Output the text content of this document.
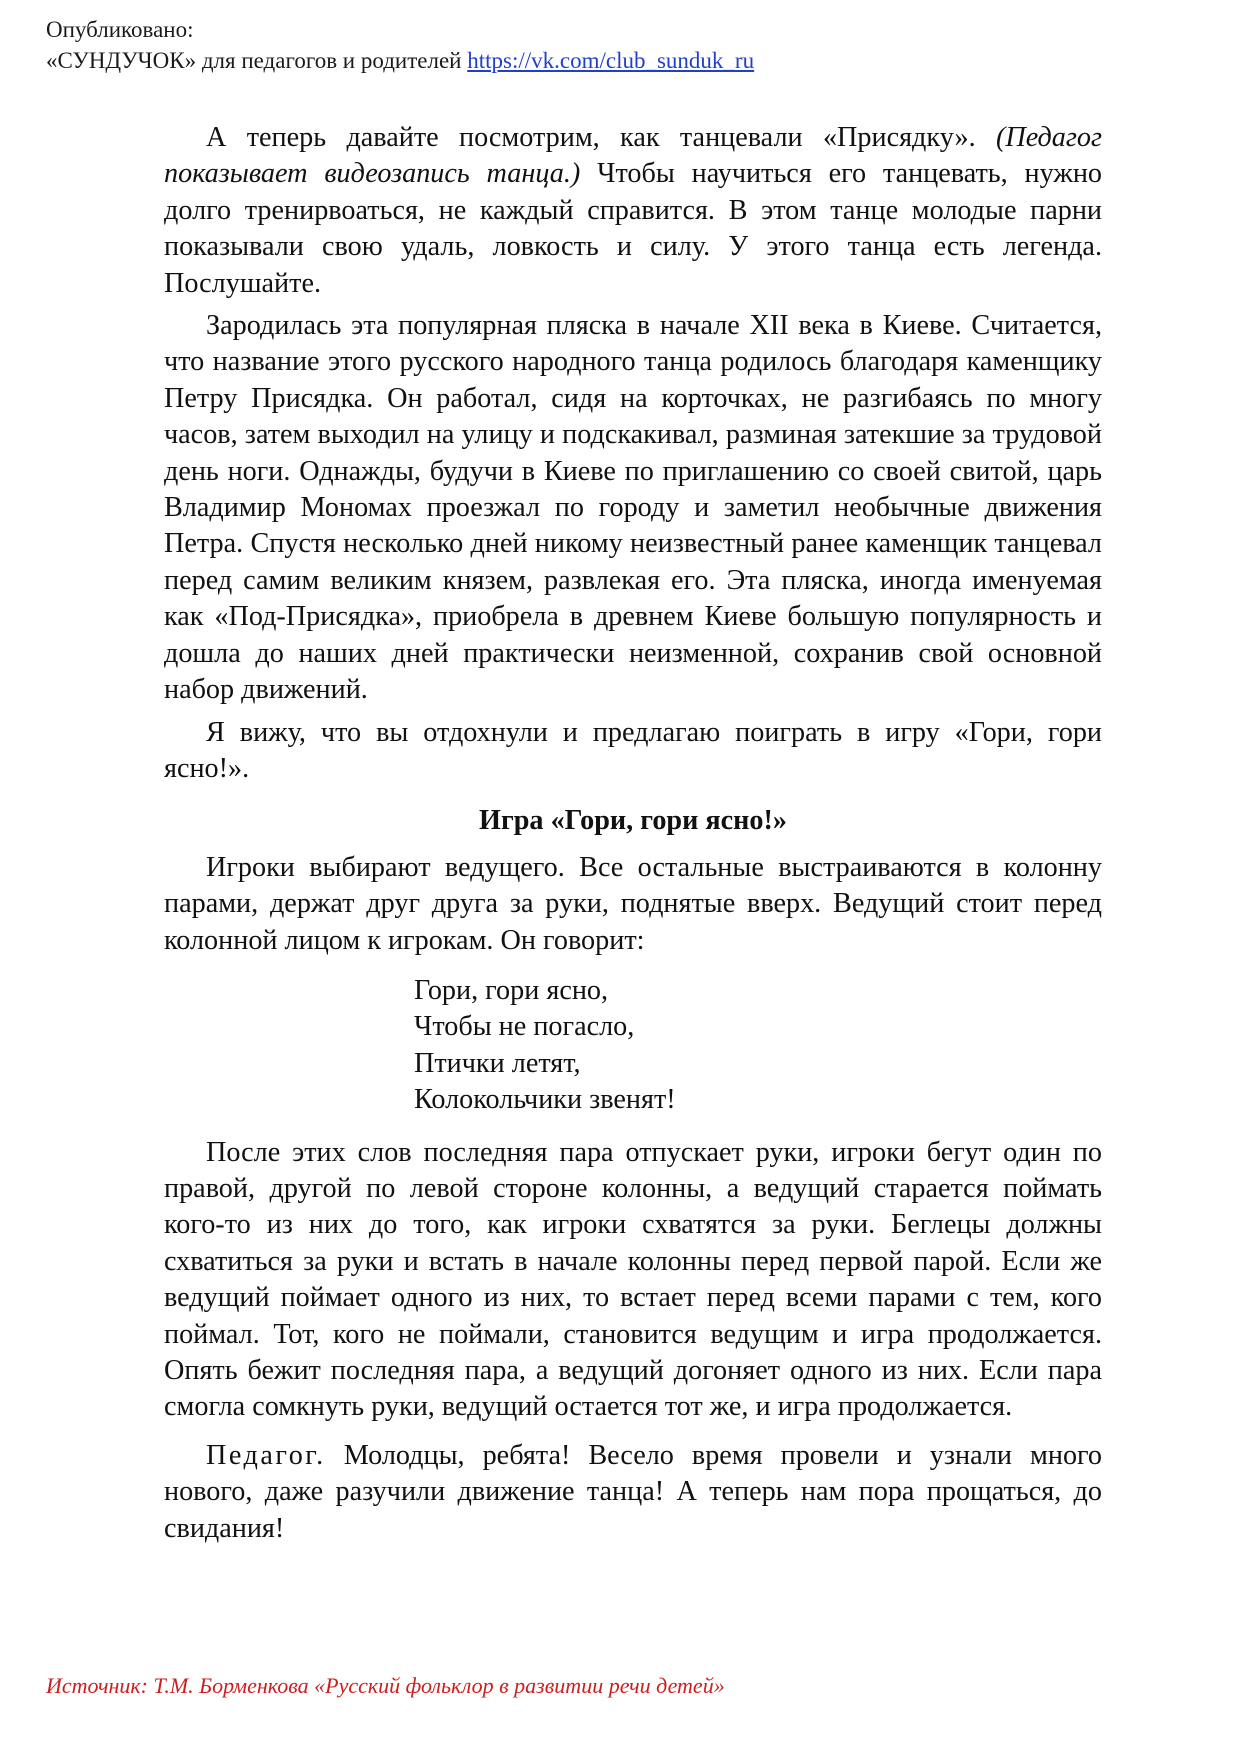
Опубликовано:
«СУНДУЧОК» для педагогов и родителей https://vk.com/club_sunduk_ru

А теперь давайте посмотрим, как танцевали «Присядку». (Педагог показывает видеозапись танца.) Чтобы научиться его танцевать, нужно долго тренирвоаться, не каждый справится. В этом танце молодые парни показывали свою удаль, ловкость и силу. У этого танца есть легенда. Послушайте.

Зародилась эта популярная пляска в начале XII века в Киеве. Считается, что название этого русского народного танца родилось благодаря каменщику Петру Присядка. Он работал, сидя на корточках, не разгибаясь по многу часов, затем выходил на улицу и подскакивал, разминая затекшие за трудовой день ноги. Однажды, будучи в Киеве по приглашению со своей свитой, царь Владимир Мономах проезжал по городу и заметил необычные движения Петра. Спустя несколько дней никому неизвестный ранее каменщик танцевал перед самим великим князем, развлекая его. Эта пляска, иногда именуемая как «Под-Присядка», приобрела в древнем Киеве большую популярность и дошла до наших дней практически неизменной, сохранив свой основной набор движений.

Я вижу, что вы отдохнули и предлагаю поиграть в игру «Гори, гори ясно!».

Игра «Гори, гори ясно!»

Игроки выбирают ведущего. Все остальные выстраиваются в колонну парами, держат друг друга за руки, поднятые вверх. Ведущий стоит перед колонной лицом к игрокам. Он говорит:

Гори, гори ясно,
Чтобы не погасло,
Птички летят,
Колокольчики звенят!

После этих слов последняя пара отпускает руки, игроки бегут один по правой, другой по левой стороне колонны, а ведущий старается поймать кого-то из них до того, как игроки схватятся за руки. Беглецы должны схватиться за руки и встать в начале колонны перед первой парой. Если же ведущий поймает одного из них, то встает перед всеми парами с тем, кого поймал. Тот, кого не поймали, становится ведущим и игра продолжается. Опять бежит последняя пара, а ведущий догоняет одного из них. Если пара смогла сомкнуть руки, ведущий остается тот же, и игра продолжается.

Педагог. Молодцы, ребята! Весело время провели и узнали много нового, даже разучили движение танца! А теперь нам пора прощаться, до свидания!

Источник: Т.М. Борменкова «Русский фольклор в развитии речи детей»
